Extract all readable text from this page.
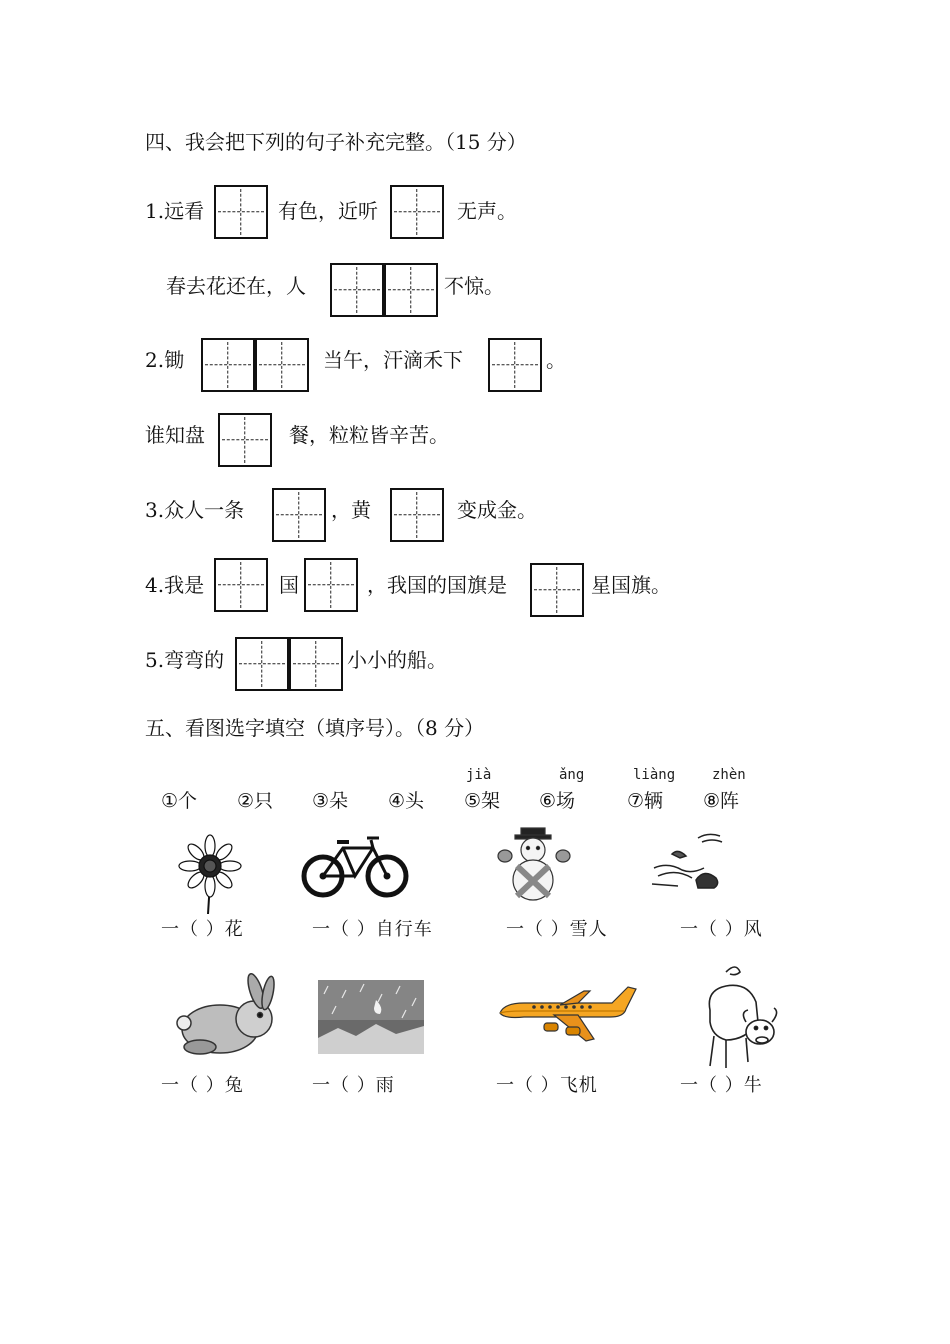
四、我会把下列的句子补充完整。（15 分）
1.远看	有色，近听	无声。
春去花还在，人	不惊。
2.锄	当午，汗滴禾下	。
谁知盘	餐，粒粒皆辛苦。
3.众人一条	，黄	变成金。
4.我是	国	，我国的国旗是	星国旗。
5.弯弯的	小小的船。
五、看图选字填空（填序号）。（8 分）
jià	ǎng	liàng	zhèn
①个 ②只 ③朵 ④头 ⑤架 ⑥场	⑦辆 ⑧阵
一（ ）花	一（ ）自行车	一（ ）雪人	一（ ）风
一（ ）兔	一（ ）雨	一（ ）飞机	一（ ）牛
